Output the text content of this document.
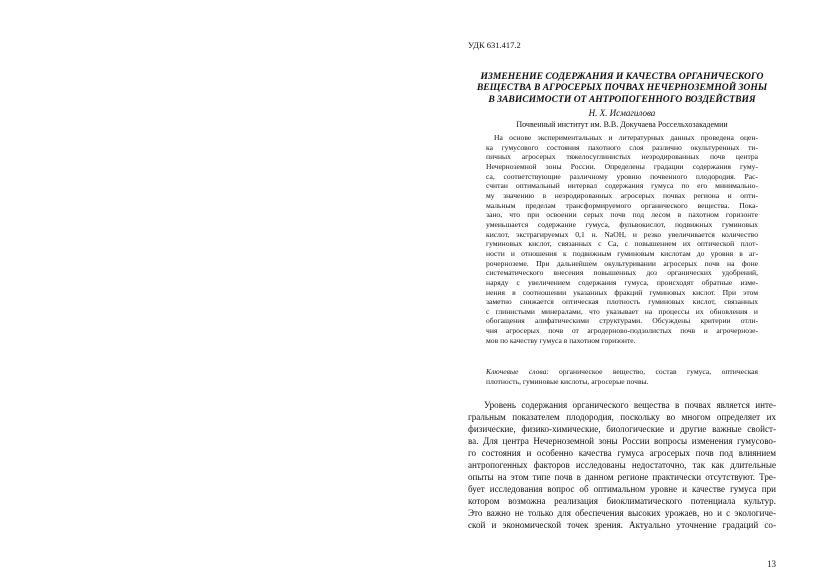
УДК 631.417.2
ИЗМЕНЕНИЕ СОДЕРЖАНИЯ И КАЧЕСТВА ОРГАНИЧЕСКОГО
ВЕЩЕСТВА В АГРОСЕРЫХ ПОЧВАХ НЕЧЕРНОЗЕМНОЙ ЗОНЫ
В ЗАВИСИМОСТИ ОТ АНТРОПОГЕННОГО ВОЗДЕЙСТВИЯ
Н. Х. Исмагилова
Почвенный институт им. В.В. Докучаева Россельхозакадемии
На основе экспериментальных и литературных данных проведена оцен-
ка гумусового состояния пахотного слоя различно окультуренных ти-
пичных агросерых тяжелосуглинистых неэродированных почв центра
Нечерноземной зоны России. Определены градации содержания гуму-
са, соответствующие различному уровню почвенного плодородия. Рас-
считан оптимальный интервал содержания гумуса по его минимально-
му значению в неэродированных агросерых почвах региона и опти-
мальным пределам трансформируемого органического вещества. Пока-
зано, что при освоении серых почв под лесом в пахотном горизонте
уменьшается содержание гумуса, фульвокислот, подвижных гуминовых
кислот, экстрагируемых 0,1 н. NaOH, и резко увеличивается количество
гуминовых кислот, связанных с Са, с повышением их оптической плот-
ности и отношения к подвижным гуминовым кислотам до уровня в аг-
рочерноземе. При дальнейшем окультуривании агросерых почв на фоне
систематического внесения повышенных доз органических удобрений,
наряду с увеличением содержания гумуса, происходят обратные изме-
нения в соотношении указанных фракций гуминовых кислот. При этом
заметно снижается оптическая плотность гуминовых кислот, связанных
с глинистыми минералами, что указывает на процессы их обновления и
обогащения алифатическими структурами. Обсуждены критерии отли-
чия агросерых почв от агродерново-подзолистых почв и агрочернозе-
мов по качеству гумуса в пахотном горизонте.
Ключевые слова: органическое вещество, состав гумуса, оптическая
плотность, гуминовые кислоты, агросерые почвы.
Уровень содержания органического вещества в почвах является инте-
гральным показателем плодородия, поскольку во многом определяет их
физические, физико-химические, биологические и другие важные свойст-
ва. Для центра Нечерноземной зоны России вопросы изменения гумусово-
го состояния и особенно качества гумуса агросерых почв под влиянием
антропогенных факторов исследованы недостаточно, так как длительные
опыты на этом типе почв в данном регионе практически отсутствуют. Тре-
бует исследования вопрос об оптимальном уровне и качестве гумуса при
котором возможна реализация биоклиматического потенциала культур.
Это важно не только для обеспечения высоких урожаев, но и с экологиче-
ской и экономической точек зрения. Актуально уточнение градаций со-
13
